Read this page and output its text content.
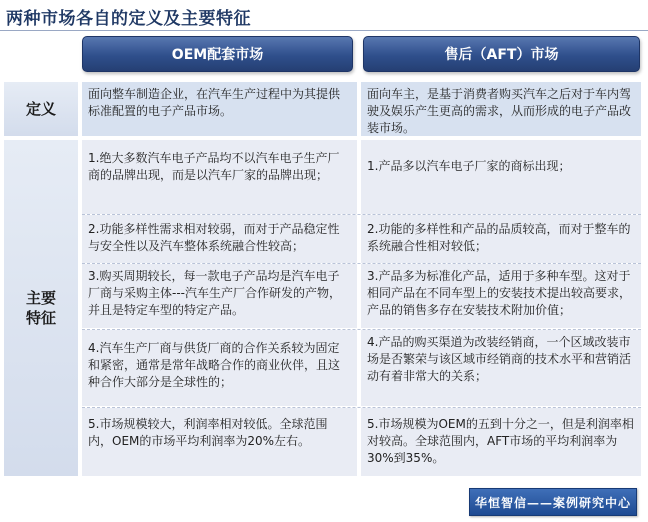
两种市场各自的定义及主要特征
OEM配套市场	售后（AFT）市场
定义
主要
特征
面向整车制造企业，在汽车生产过程中为其提供标准配置的电子产品市场。
面向车主，是基于消费者购买汽车之后对于车内驾驶及娱乐产生更高的需求，从而形成的电子产品改装市场。
1.绝大多数汽车电子产品均不以汽车电子生产厂商的品牌出现，而是以汽车厂家的品牌出现；
1.产品多以汽车电子厂家的商标出现；
2.功能多样性需求相对较弱，而对于产品稳定性与安全性以及汽车整体系统融合性较高；
2.功能的多样性和产品的品质较高，而对于整车的系统融合性相对较低；
3.购买周期较长，每一款电子产品均是汽车电子厂商与采购主体---汽车生产厂合作研发的产物，并且是特定车型的特定产品。
3.产品多为标准化产品，适用于多种车型。这对于相同产品在不同车型上的安装技术提出较高要求，产品的销售多存在安装技术附加价值；
4.汽车生产厂商与供货厂商的合作关系较为固定和紧密，通常是常年战略合作的商业伙伴，且这种合作大部分是全球性的；
4.产品的购买渠道为改装经销商，一个区域改装市场是否繁荣与该区域市经销商的技术水平和营销活动有着非常大的关系；
5.市场规模较大，利润率相对较低。全球范围内，OEM的市场平均利润率为20%左右。
5.市场规模为OEM的五到十分之一，但是利润率相对较高。全球范围内，AFT市场的平均利润率为30%到35%。
华恒智信——案例研究中心
